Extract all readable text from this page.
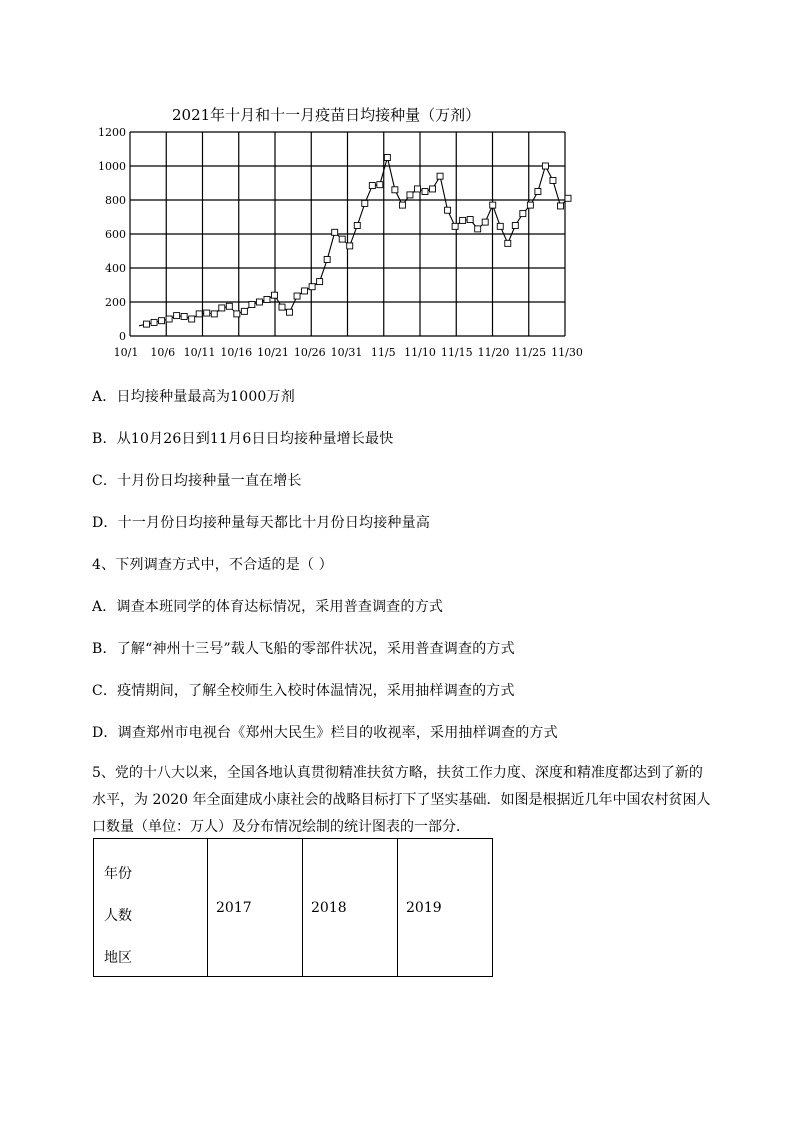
2021年十月和十一月疫苗日均接种量（万剂）
0
200
400
600
800
1000
1200
10/1 10/6 10/11 10/16 10/21 10/26 10/31 11/5 11/10 11/15 11/20 11/25 11/30
A．日均接种量最高为1000万剂
B．从10月26日到11月6日日均接种量增长最快
C．十月份日均接种量一直在增长
D．十一月份日均接种量每天都比十月份日均接种量高
4、下列调查方式中，不合适的是（ ）
A．调查本班同学的体育达标情况，采用普查调查的方式
B．了解“神州十三号”载人飞船的零部件状况，采用普查调查的方式
C．疫情期间，了解全校师生入校时体温情况，采用抽样调查的方式
D．调查郑州市电视台《郑州大民生》栏目的收视率，采用抽样调查的方式
5、党的十八大以来，全国各地认真贯彻精准扶贫方略，扶贫工作力度、深度和精准度都达到了新的
水平，为 2020 年全面建成小康社会的战略目标打下了坚实基础．如图是根据近几年中国农村贫困人
口数量（单位：万人）及分布情况绘制的统计图表的一部分．
年份
人数
地区
	2017	2018	2019
